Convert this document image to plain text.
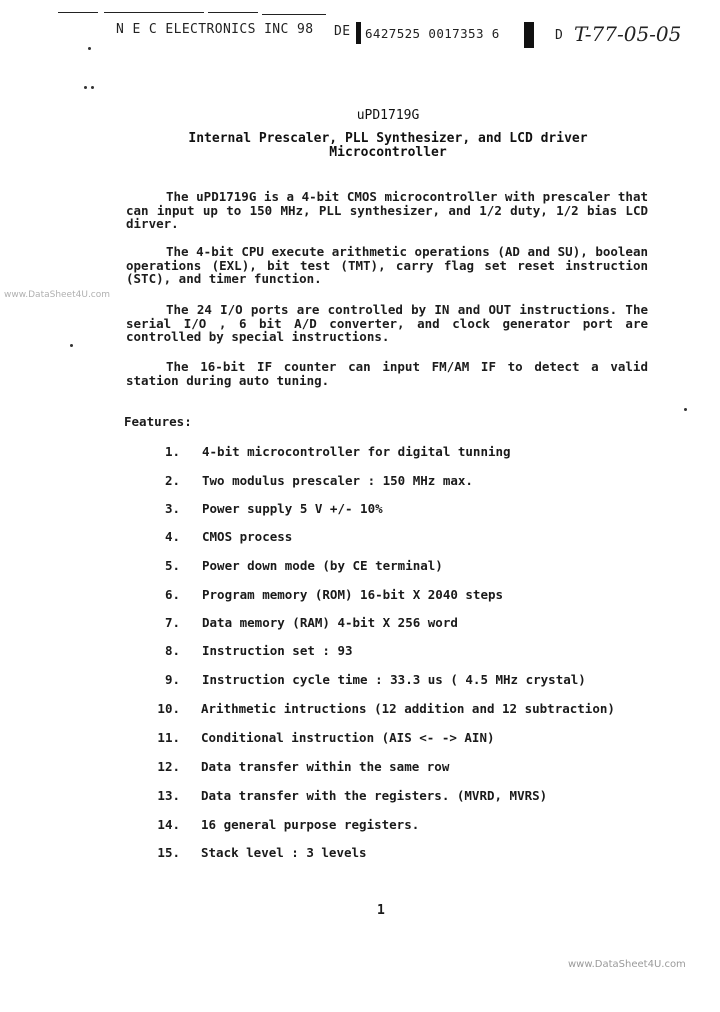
N E C ELECTRONICS INC 98 DE 6427525 0017353 6	D T-77-05-05
www.DataSheet4U.com
uPD1719G
Internal Prescaler, PLL Synthesizer, and LCD driver
Microcontroller
The uPD1719G is a 4-bit CMOS microcontroller with prescaler that can input up to 150 MHz, PLL synthesizer, and 1/2 duty, 1/2 bias LCD dirver.
The 4-bit CPU execute arithmetic operations (AD and SU), boolean operations (EXL), bit test (TMT), carry flag set reset instruction (STC), and timer function.
The 24 I/O ports are controlled by IN and OUT instructions. The serial I/O , 6 bit A/D converter, and clock generator port are controlled by special instructions.
The 16-bit IF counter can input FM/AM IF to detect a valid station during auto tuning.
Features:
1. 4-bit microcontroller for digital tunning
2. Two modulus prescaler : 150 MHz max.
3. Power supply 5 V +/- 10%
4. CMOS process
5. Power down mode (by CE terminal)
6. Program memory (ROM) 16-bit X 2040 steps
7. Data memory (RAM) 4-bit X 256 word
8. Instruction set : 93
9. Instruction cycle time : 33.3 us ( 4.5 MHz crystal)
10. Arithmetic intructions (12 addition and 12 subtraction)
11. Conditional instruction (AIS <- -> AIN)
12. Data transfer within the same row
13. Data transfer with the registers. (MVRD, MVRS)
14. 16 general purpose registers.
15. Stack level : 3 levels
1
www.DataSheet4U.com
